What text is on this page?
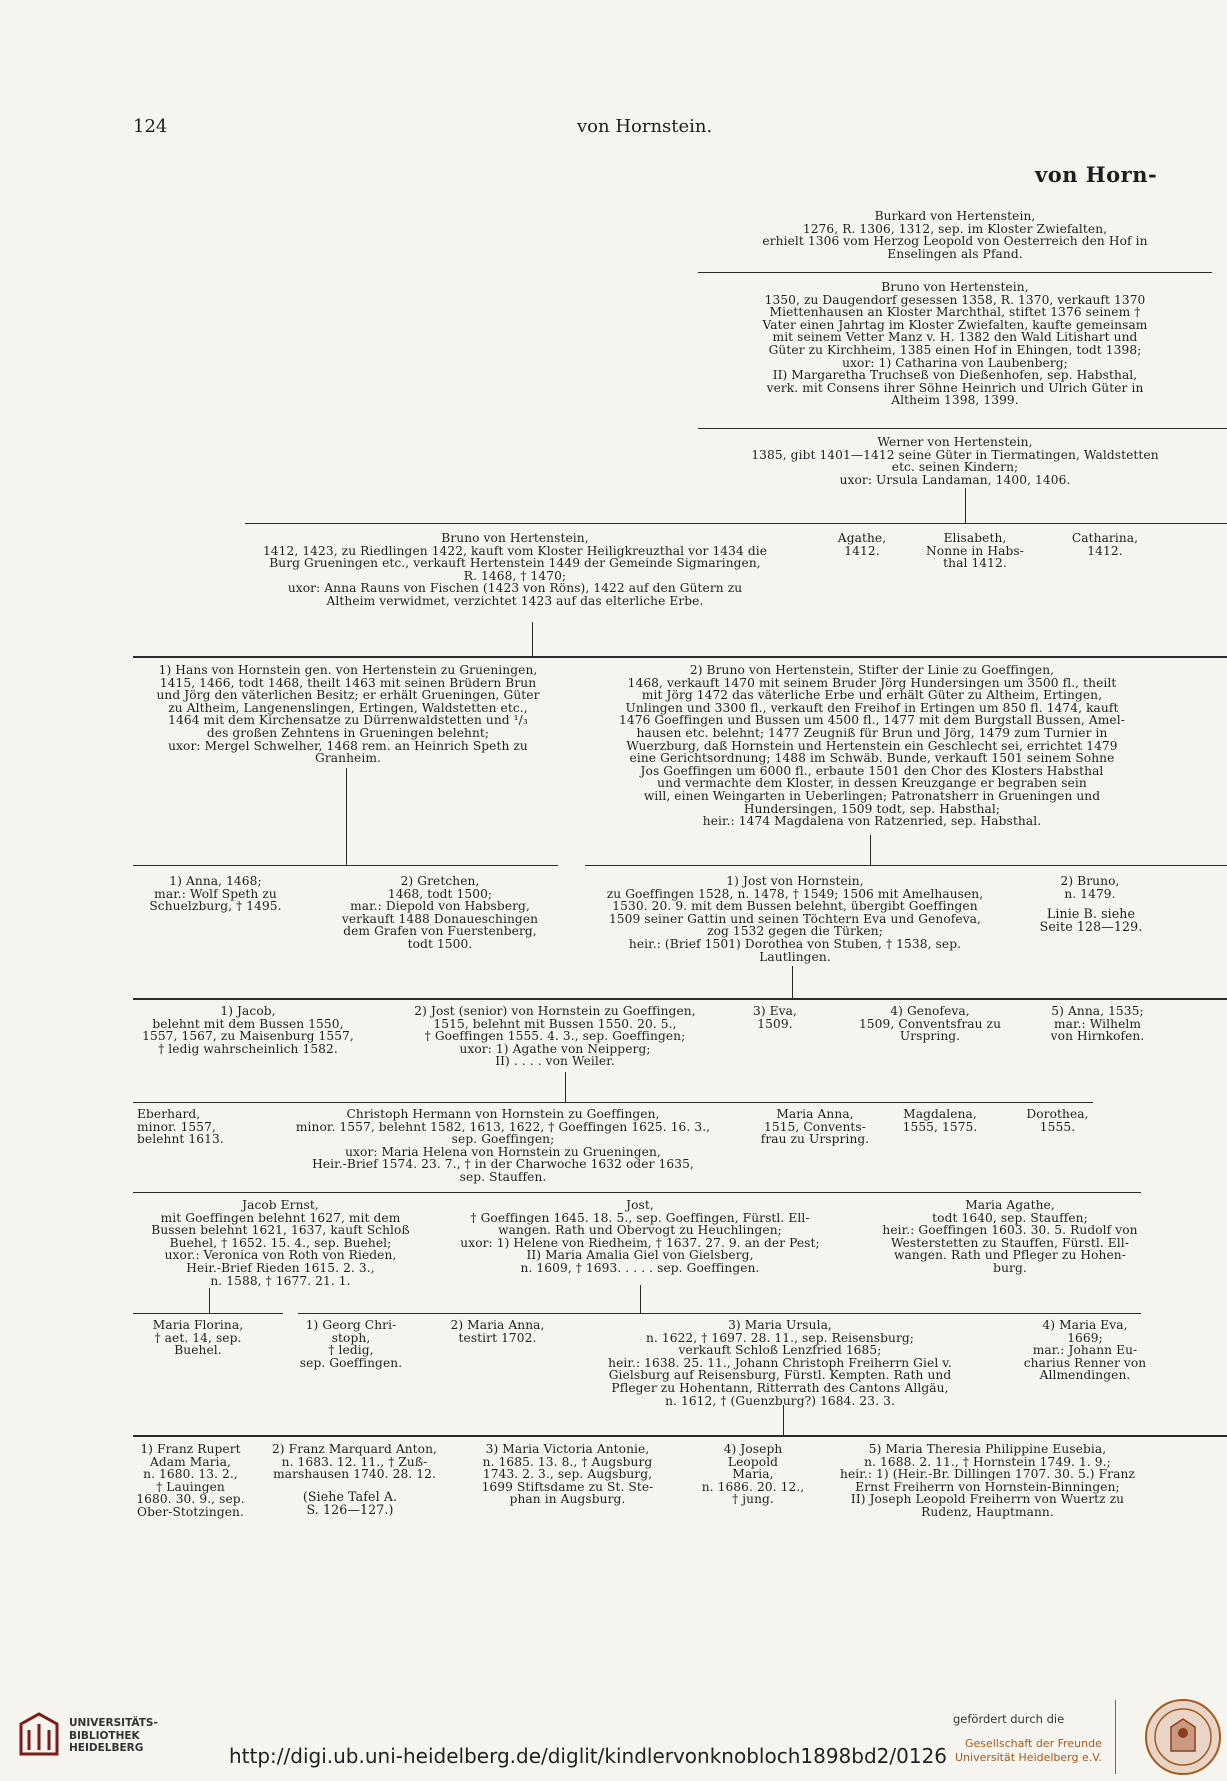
124	von Hornstein.
von Horn-
Burkard von Hertenstein,
1276, R. 1306, 1312, sep. im Kloster Zwiefalten,
erhielt 1306 vom Herzog Leopold von Oesterreich den Hof in
Enselingen als Pfand.
Bruno von Hertenstein,
1350, zu Daugendorf gesessen 1358, R. 1370, verkauft 1370
Miettenhausen an Kloster Marchthal, stiftet 1376 seinem †
Vater einen Jahrtag im Kloster Zwiefalten, kaufte gemeinsam
mit seinem Vetter Manz v. H. 1382 den Wald Litishart und
Güter zu Kirchheim, 1385 einen Hof in Ehingen, todt 1398;
uxor: 1) Catharina von Laubenberg;
II) Margaretha Truchseß von Dießenhofen, sep. Habsthal,
verk. mit Consens ihrer Söhne Heinrich und Ulrich Güter in
Altheim 1398, 1399.
Werner von Hertenstein,
1385, gibt 1401—1412 seine Güter in Tiermatingen, Waldstetten
etc. seinen Kindern;
uxor: Ursula Landaman, 1400, 1406.
Bruno von Hertenstein,
1412, 1423, zu Riedlingen 1422, kauft vom Kloster Heiligkreuzthal vor 1434 die
Burg Grueningen etc., verkauft Hertenstein 1449 der Gemeinde Sigmaringen,
R. 1468, † 1470;
uxor: Anna Rauns von Fischen (1423 von Röns), 1422 auf den Gütern zu
Altheim verwidmet, verzichtet 1423 auf das elterliche Erbe.
Agathe,
1412.
Elisabeth,
Nonne in Habs-
thal 1412.
Catharina,
1412.
1) Hans von Hornstein gen. von Hertenstein zu Grueningen,
1415, 1466, todt 1468, theilt 1463 mit seinen Brüdern Brun
und Jörg den väterlichen Besitz; er erhält Grueningen, Güter
zu Altheim, Langenenslingen, Ertingen, Waldstetten etc.,
1464 mit dem Kirchensatze zu Dürrenwaldstetten und ¹/₃
des großen Zehntens in Grueningen belehnt;
uxor: Mergel Schwelher, 1468 rem. an Heinrich Speth zu
Granheim.
2) Bruno von Hertenstein, Stifter der Linie zu Goeffingen,
1468, verkauft 1470 mit seinem Bruder Jörg Hundersingen um 3500 fl., theilt
mit Jörg 1472 das väterliche Erbe und erhält Güter zu Altheim, Ertingen,
Unlingen und 3300 fl., verkauft den Freihof in Ertingen um 850 fl. 1474, kauft
1476 Goeffingen und Bussen um 4500 fl., 1477 mit dem Burgstall Bussen, Amel-
hausen etc. belehnt; 1477 Zeugniß für Brun und Jörg, 1479 zum Turnier in
Wuerzburg, daß Hornstein und Hertenstein ein Geschlecht sei, errichtet 1479
eine Gerichtsordnung; 1488 im Schwäb. Bunde, verkauft 1501 seinem Sohne
Jos Goeffingen um 6000 fl., erbaute 1501 den Chor des Klosters Habsthal
und vermachte dem Kloster, in dessen Kreuzgange er begraben sein
will, einen Weingarten in Ueberlingen; Patronatsherr in Grueningen und
Hundersingen, 1509 todt, sep. Habsthal;
heir.: 1474 Magdalena von Ratzenried, sep. Habsthal.
1) Anna, 1468;
mar.: Wolf Speth zu
Schuelzburg, † 1495.
2) Gretchen,
1468, todt 1500;
mar.: Diepold von Habsberg,
verkauft 1488 Donaueschingen
dem Grafen von Fuerstenberg,
todt 1500.
1) Jost von Hornstein,
zu Goeffingen 1528, n. 1478, † 1549; 1506 mit Amelhausen,
1530. 20. 9. mit dem Bussen belehnt, übergibt Goeffingen
1509 seiner Gattin und seinen Töchtern Eva und Genofeva,
zog 1532 gegen die Türken;
heir.: (Brief 1501) Dorothea von Stuben, † 1538, sep.
Lautlingen.
2) Bruno,
n. 1479.
Linie B. siehe
Seite 128—129.
1) Jacob,
belehnt mit dem Bussen 1550,
1557, 1567, zu Maisenburg 1557,
† ledig wahrscheinlich 1582.
2) Jost (senior) von Hornstein zu Goeffingen,
1515, belehnt mit Bussen 1550. 20. 5.,
† Goeffingen 1555. 4. 3., sep. Goeffingen;
uxor: 1) Agathe von Neipperg;
II) . . . . von Weiler.
3) Eva,
1509.
4) Genofeva,
1509, Conventsfrau zu
Urspring.
5) Anna, 1535;
mar.: Wilhelm
von Hirnkofen.
Eberhard,
minor. 1557,
belehnt 1613.
Christoph Hermann von Hornstein zu Goeffingen,
minor. 1557, belehnt 1582, 1613, 1622, † Goeffingen 1625. 16. 3.,
sep. Goeffingen;
uxor: Maria Helena von Hornstein zu Grueningen,
Heir.-Brief 1574. 23. 7., † in der Charwoche 1632 oder 1635,
sep. Stauffen.
Maria Anna,
1515, Convents-
frau zu Urspring.
Magdalena,
1555, 1575.
Dorothea,
1555.
Jacob Ernst,
mit Goeffingen belehnt 1627, mit dem
Bussen belehnt 1621, 1637, kauft Schloß
Buehel, † 1652. 15. 4., sep. Buehel;
uxor.: Veronica von Roth von Rieden,
Heir.-Brief Rieden 1615. 2. 3.,
n. 1588, † 1677. 21. 1.
Jost,
† Goeffingen 1645. 18. 5., sep. Goeffingen, Fürstl. Ell-
wangen. Rath und Obervogt zu Heuchlingen;
uxor: 1) Helene von Riedheim, † 1637. 27. 9. an der Pest;
II) Maria Amalia Giel von Gielsberg,
n. 1609, † 1693. . . . . sep. Goeffingen.
Maria Agathe,
todt 1640, sep. Stauffen;
heir.: Goeffingen 1603. 30. 5. Rudolf von
Westerstetten zu Stauffen, Fürstl. Ell-
wangen. Rath und Pfleger zu Hohen-
burg.
Maria Florina,
† aet. 14, sep.
Buehel.
1) Georg Chri-
stoph,
† ledig,
sep. Goeffingen.
2) Maria Anna,
testirt 1702.
3) Maria Ursula,
n. 1622, † 1697. 28. 11., sep. Reisensburg;
verkauft Schloß Lenzfried 1685;
heir.: 1638. 25. 11., Johann Christoph Freiherrn Giel v.
Gielsburg auf Reisensburg, Fürstl. Kempten. Rath und
Pfleger zu Hohentann, Ritterrath des Cantons Allgäu,
n. 1612, † (Guenzburg?) 1684. 23. 3.
4) Maria Eva,
1669;
mar.: Johann Eu-
charius Renner von
Allmendingen.
1) Franz Rupert
Adam Maria,
n. 1680. 13. 2.,
† Lauingen
1680. 30. 9., sep.
Ober-Stotzingen.
2) Franz Marquard Anton,
n. 1683. 12. 11., † Zuß-
marshausen 1740. 28. 12.
(Siehe Tafel A.
S. 126—127.)
3) Maria Victoria Antonie,
n. 1685. 13. 8., † Augsburg
1743. 2. 3., sep. Augsburg,
1699 Stiftsdame zu St. Ste-
phan in Augsburg.
4) Joseph
Leopold
Maria,
n. 1686. 20. 12.,
† jung.
5) Maria Theresia Philippine Eusebia,
n. 1688. 2. 11., † Hornstein 1749. 1. 9.;
heir.: 1) (Heir.-Br. Dillingen 1707. 30. 5.) Franz
Ernst Freiherrn von Hornstein-Binningen;
II) Joseph Leopold Freiherrn von Wuertz zu
Rudenz, Hauptmann.
UNIVERSITÄTS-
BIBLIOTHEK
HEIDELBERG	http://digi.ub.uni-heidelberg.de/diglit/kindlervonknobloch1898bd2/0126
gefördert durch die
Gesellschaft der Freunde
Universität Heidelberg e.V.
